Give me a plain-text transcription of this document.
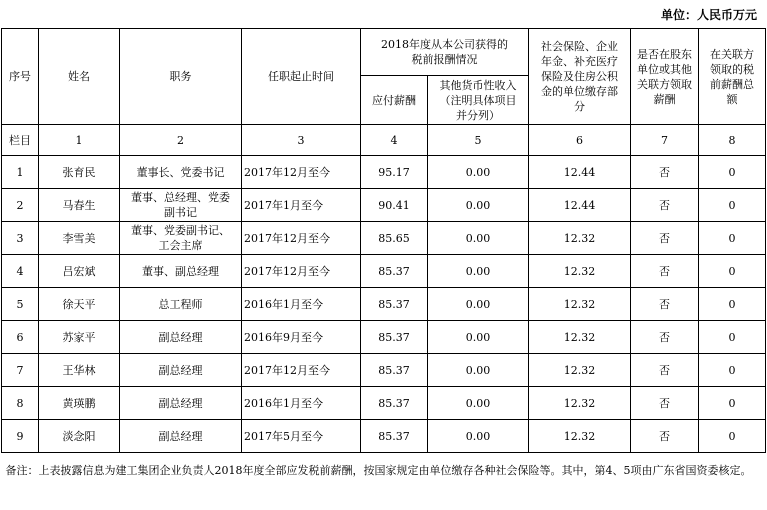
单位：人民币万元
序号	姓名	职务	任职起止时间	2018年度从本公司获得的税前报酬情况		社会保险、企业年金、补充医疗保险及住房公积金的单位缴存部分	是否在股东单位或其他关联方领取薪酬	在关联方领取的税前薪酬总额
				应付薪酬	其他货币性收入（注明具体项目并分列）			
栏目	1	2	3	4	5	6	7	8
1	张育民	董事长、党委书记	2017年12月至今	95.17	0.00	12.44	否	0
2	马春生	董事、总经理、党委副书记	2017年1月至今	90.41	0.00	12.44	否	0
3	李雪美	董事、党委副书记、工会主席	2017年12月至今	85.65	0.00	12.32	否	0
4	吕宏斌	董事、副总经理	2017年12月至今	85.37	0.00	12.32	否	0
5	徐天平	总工程师	2016年1月至今	85.37	0.00	12.32	否	0
6	苏家平	副总经理	2016年9月至今	85.37	0.00	12.32	否	0
7	王华林	副总经理	2017年12月至今	85.37	0.00	12.32	否	0
8	黄瑛鹏	副总经理	2016年1月至今	85.37	0.00	12.32	否	0
9	淡念阳	副总经理	2017年5月至今	85.37	0.00	12.32	否	0
备注：上表披露信息为建工集团企业负责人2018年度全部应发税前薪酬，按国家规定由单位缴存各种社会保险等。其中，第4、5项由广东省国资委核定。								
